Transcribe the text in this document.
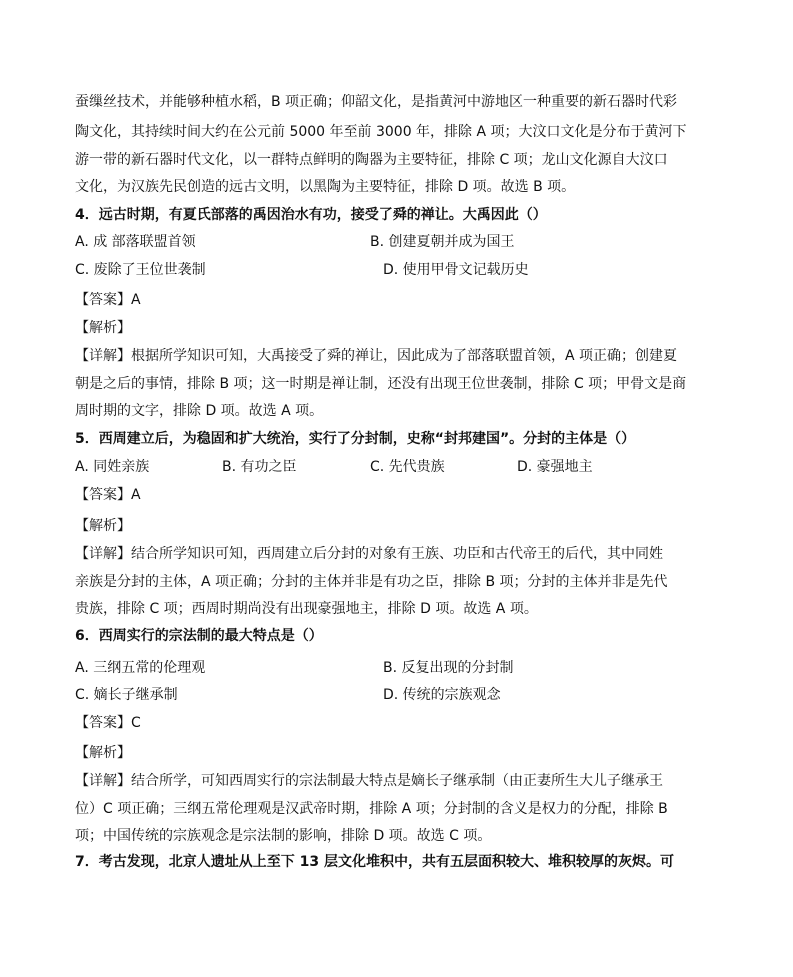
蚕缫丝技术，并能够种植水稻，B 项正确；仰韶文化，是指黄河中游地区一种重要的新石器时代彩
陶文化，其持续时间大约在公元前 5000 年至前 3000 年，排除 A 项；大汶口文化是分布于黄河下
游一带的新石器时代文化，以一群特点鲜明的陶器为主要特征，排除 C 项；龙山文化源自大汶口
文化，为汉族先民创造的远古文明，以黑陶为主要特征，排除 D 项。故选 B 项。
4．远古时期，有夏氏部落的禹因治水有功，接受了舜的禅让。大禹因此（）
A. 成 部落联盟首领	B. 创建夏朝并成为国王
C. 废除了王位世袭制	D. 使用甲骨文记载历史
【答案】A
【解析】
【详解】根据所学知识可知，大禹接受了舜的禅让，因此成为了部落联盟首领，A 项正确；创建夏
朝是之后的事情，排除 B 项；这一时期是禅让制，还没有出现王位世袭制，排除 C 项；甲骨文是商
周时期的文字，排除 D 项。故选 A 项。
5．西周建立后，为稳固和扩大统治，实行了分封制，史称“封邦建国”。分封的主体是（）
A. 同姓亲族	B. 有功之臣	C. 先代贵族	D. 豪强地主
【答案】A
【解析】
【详解】结合所学知识可知，西周建立后分封的对象有王族、功臣和古代帝王的后代，其中同姓
亲族是分封的主体，A 项正确；分封的主体并非是有功之臣，排除 B 项；分封的主体并非是先代
贵族，排除 C 项；西周时期尚没有出现豪强地主，排除 D 项。故选 A 项。
6．西周实行的宗法制的最大特点是（）
A. 三纲五常的伦理观	B. 反复出现的分封制
C. 嫡长子继承制	D. 传统的宗族观念
【答案】C
【解析】
【详解】结合所学，可知西周实行的宗法制最大特点是嫡长子继承制（由正妻所生大儿子继承王
位）C 项正确；三纲五常伦理观是汉武帝时期，排除 A 项；分封制的含义是权力的分配，排除 B
项；中国传统的宗族观念是宗法制的影响，排除 D 项。故选 C 项。
7．考古发现，北京人遗址从上至下 13 层文化堆积中，共有五层面积较大、堆积较厚的灰烬。可
